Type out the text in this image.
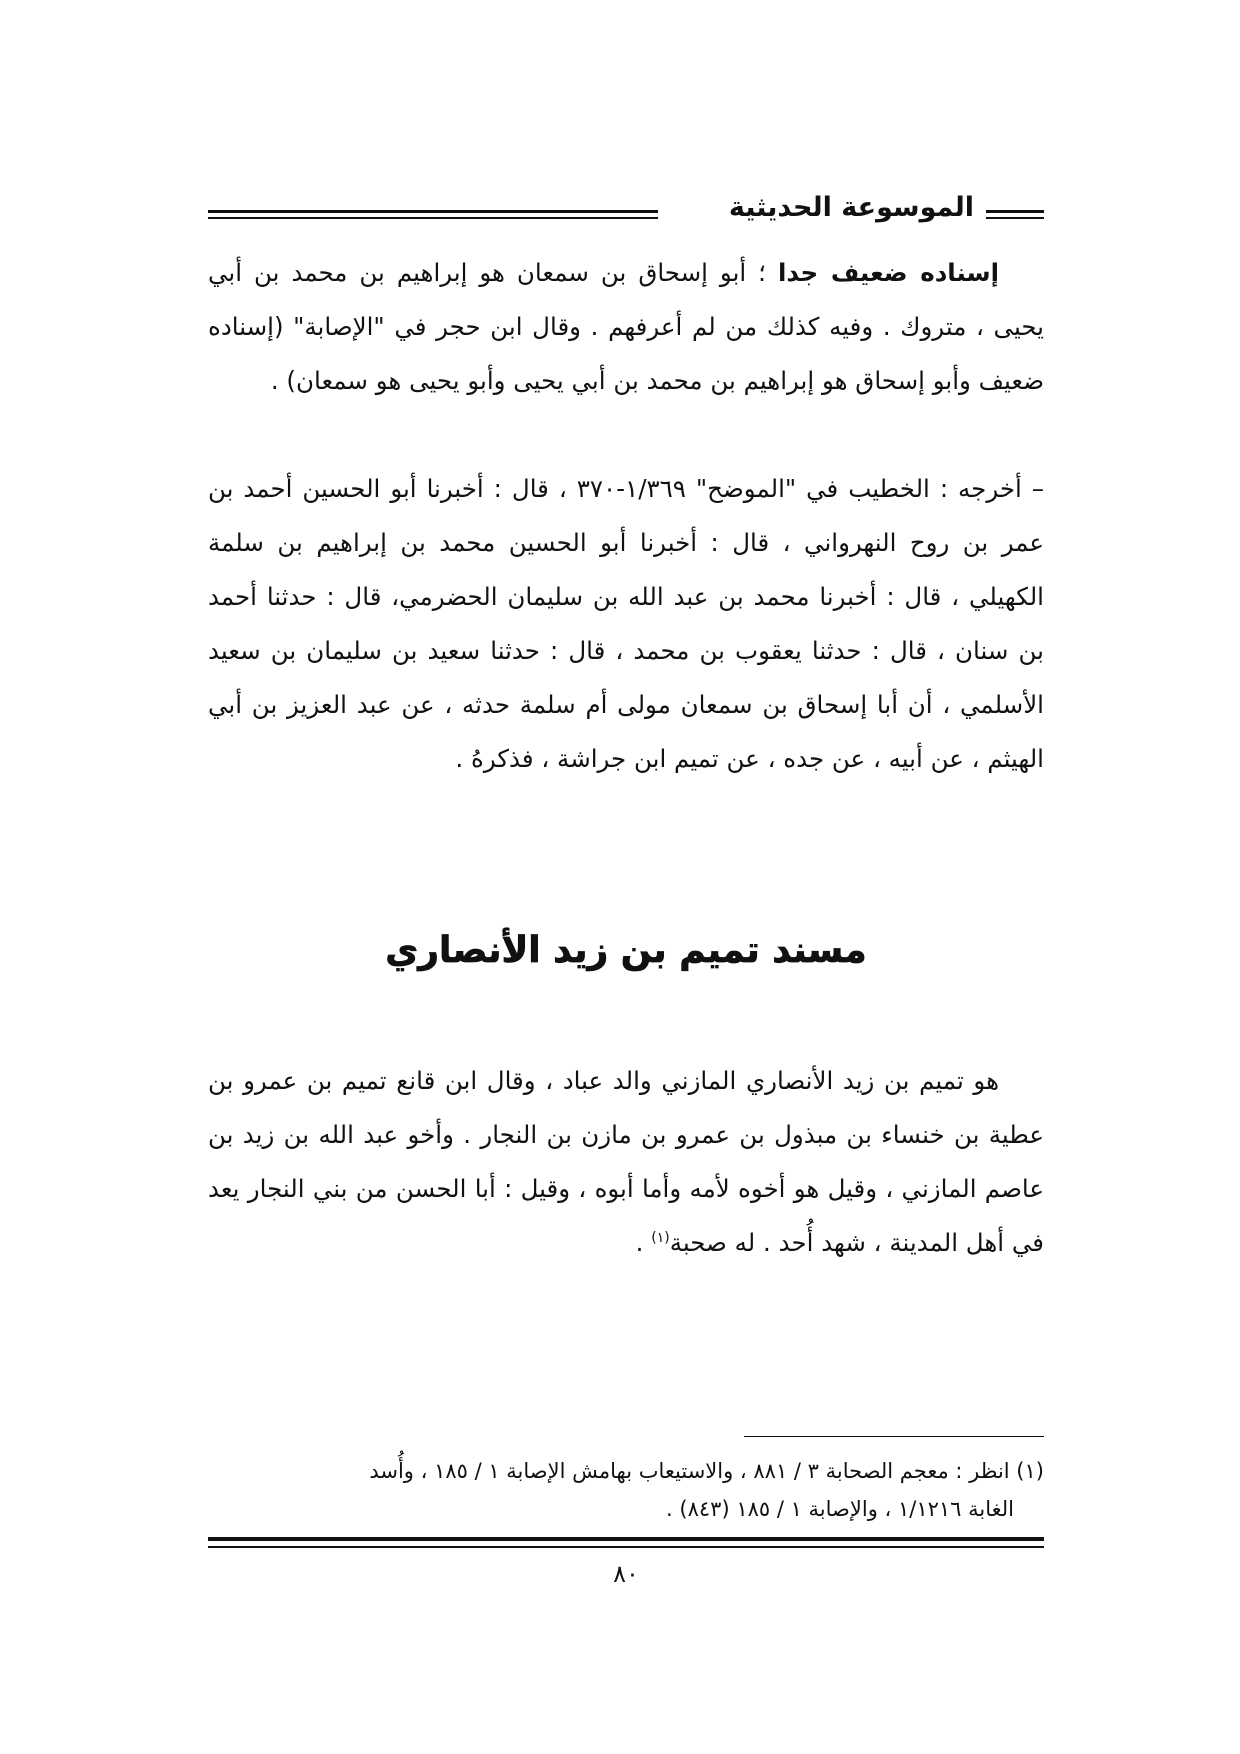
الموسوعة الحديثية

إسناده ضعيف جدا ؛ أبو إسحاق بن سمعان هو إبراهيم بن محمد بن أبي يحيى ، متروك . وفيه كذلك من لم أعرفهم . وقال ابن حجر في "الإصابة" (إسناده ضعيف وأبو إسحاق هو إبراهيم بن محمد بن أبي يحيى وأبو يحيى هو سمعان) .

– أخرجه : الخطيب في "الموضح" ١/٣٦٩-٣٧٠ ، قال : أخبرنا أبو الحسين أحمد بن عمر بن روح النهرواني ، قال : أخبرنا أبو الحسين محمد بن إبراهيم بن سلمة الكهيلي ، قال : أخبرنا محمد بن عبد الله بن سليمان الحضرمي، قال : حدثنا أحمد بن سنان ، قال : حدثنا يعقوب بن محمد ، قال : حدثنا سعيد بن سليمان بن سعيد الأسلمي ، أن أبا إسحاق بن سمعان مولى أم سلمة حدثه ، عن عبد العزيز بن أبي الهيثم ، عن أبيه ، عن جده ، عن تميم ابن جراشة ، فذكرهُ .

مسند تميم بن زيد الأنصاري

هو تميم بن زيد الأنصاري المازني والد عباد ، وقال ابن قانع تميم بن عمرو بن عطية بن خنساء بن مبذول بن عمرو بن مازن بن النجار . وأخو عبد الله بن زيد بن عاصم المازني ، وقيل هو أخوه لأمه وأما أبوه ، وقيل : أبا الحسن من بني النجار يعد في أهل المدينة ، شهد أُحد . له صحبة$^{(١)}$ .

(١) انظر : معجم الصحابة ٣ / ٨٨١ ، والاستيعاب بهامش الإصابة ١ / ١٨٥ ، وأُسد
الغابة ١/١٢١٦ ، والإصابة ١ / ١٨٥ (٨٤٣) .
٨٠
